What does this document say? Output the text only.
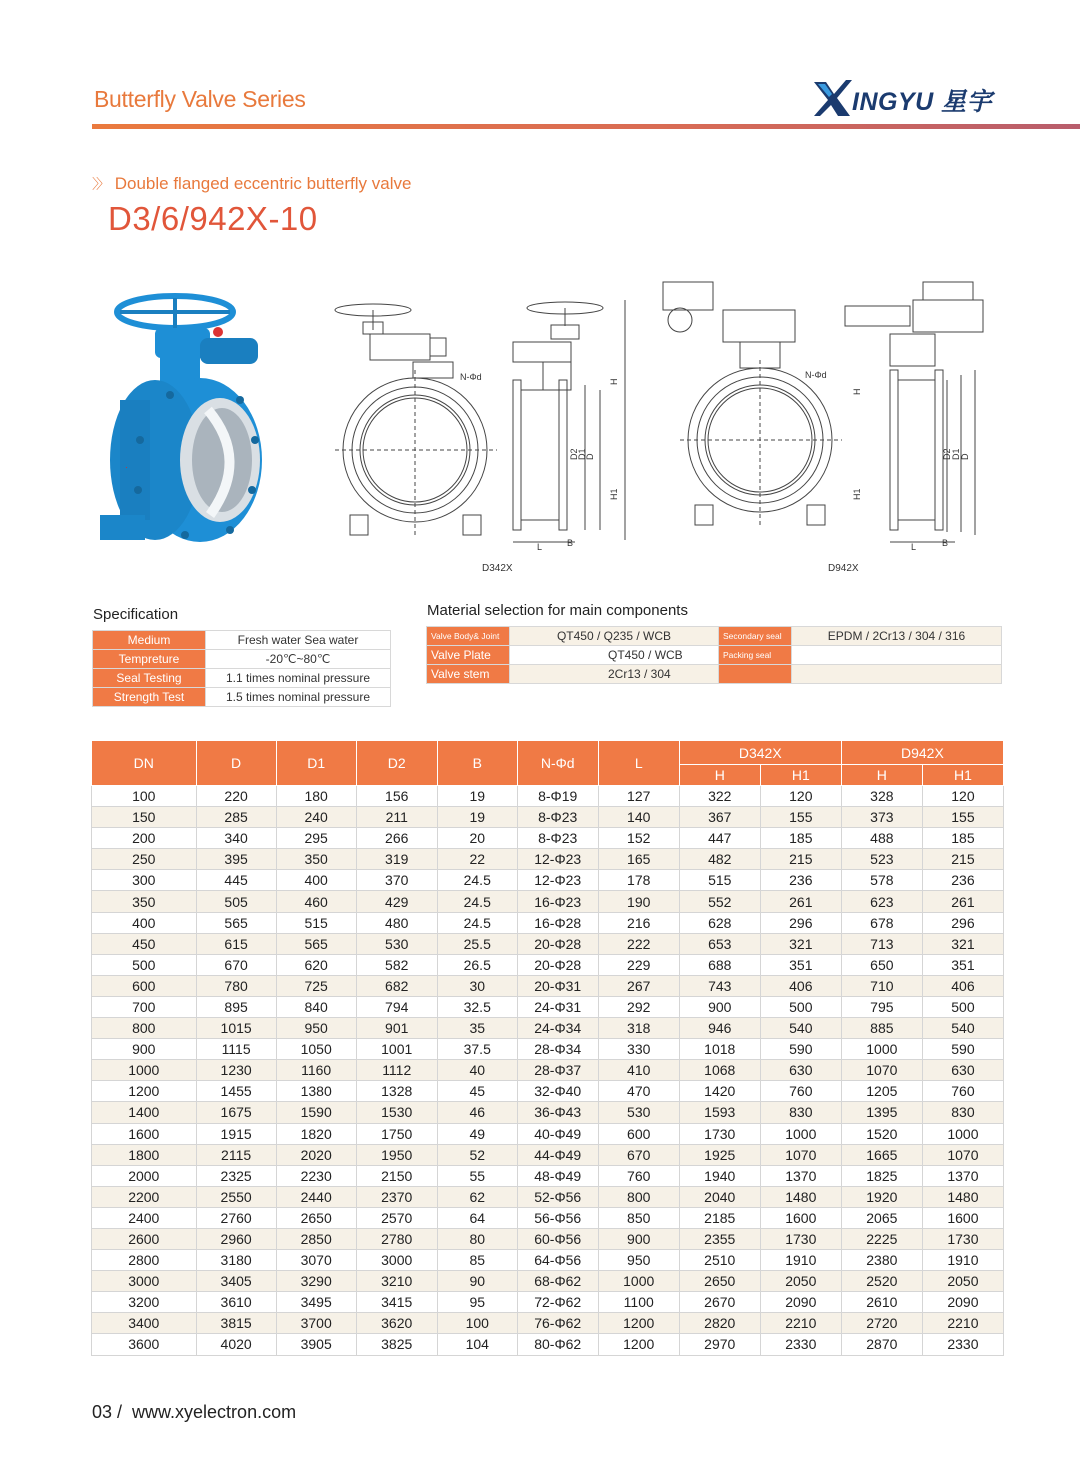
Butterfly Valve Series	INGYU 星宇
〉〉 Double flanged eccentric butterfly valve
D3/6/942X-10
·
N-Φd	H
H1
D2
D1
D
L	B
N-Φd
H
H1
D2 D1 D
L	B
D342X	D942X
Specification
Medium	Fresh water Sea water
Tempreture	-20℃~80℃
Seal Testing	1.1 times nominal pressure
Strength Test	1.5 times nominal pressure
Material selection for main components
Valve Body& Joint	QT450 / Q235 / WCB	Secondary seal	EPDM / 2Cr13 / 304 / 316
Valve Plate	QT450 / WCB	Packing seal	
Valve stem	2Cr13 / 304		
DN	D	D1	D2	B	N-Φd	L	D342X		D942X	
							H	H1	H	H1
100	220	180	156	19	8-Φ19	127	322	120	328	120
150	285	240	211	19	8-Φ23	140	367	155	373	155
200	340	295	266	20	8-Φ23	152	447	185	488	185
250	395	350	319	22	12-Φ23	165	482	215	523	215
300	445	400	370	24.5	12-Φ23	178	515	236	578	236
350	505	460	429	24.5	16-Φ23	190	552	261	623	261
400	565	515	480	24.5	16-Φ28	216	628	296	678	296
450	615	565	530	25.5	20-Φ28	222	653	321	713	321
500	670	620	582	26.5	20-Φ28	229	688	351	650	351
600	780	725	682	30	20-Φ31	267	743	406	710	406
700	895	840	794	32.5	24-Φ31	292	900	500	795	500
800	1015	950	901	35	24-Φ34	318	946	540	885	540
900	1115	1050	1001	37.5	28-Φ34	330	1018	590	1000	590
1000	1230	1160	1112	40	28-Φ37	410	1068	630	1070	630
1200	1455	1380	1328	45	32-Φ40	470	1420	760	1205	760
1400	1675	1590	1530	46	36-Φ43	530	1593	830	1395	830
1600	1915	1820	1750	49	40-Φ49	600	1730	1000	1520	1000
1800	2115	2020	1950	52	44-Φ49	670	1925	1070	1665	1070
2000	2325	2230	2150	55	48-Φ49	760	1940	1370	1825	1370
2200	2550	2440	2370	62	52-Φ56	800	2040	1480	1920	1480
2400	2760	2650	2570	64	56-Φ56	850	2185	1600	2065	1600
2600	2960	2850	2780	80	60-Φ56	900	2355	1730	2225	1730
2800	3180	3070	3000	85	64-Φ56	950	2510	1910	2380	1910
3000	3405	3290	3210	90	68-Φ62	1000	2650	2050	2520	2050
3200	3610	3495	3415	95	72-Φ62	1100	2670	2090	2610	2090
3400	3815	3700	3620	100	76-Φ62	1200	2820	2210	2720	2210
3600	4020	3905	3825	104	80-Φ62	1200	2970	2330	2870	2330
03 / www.xyelectron.com
